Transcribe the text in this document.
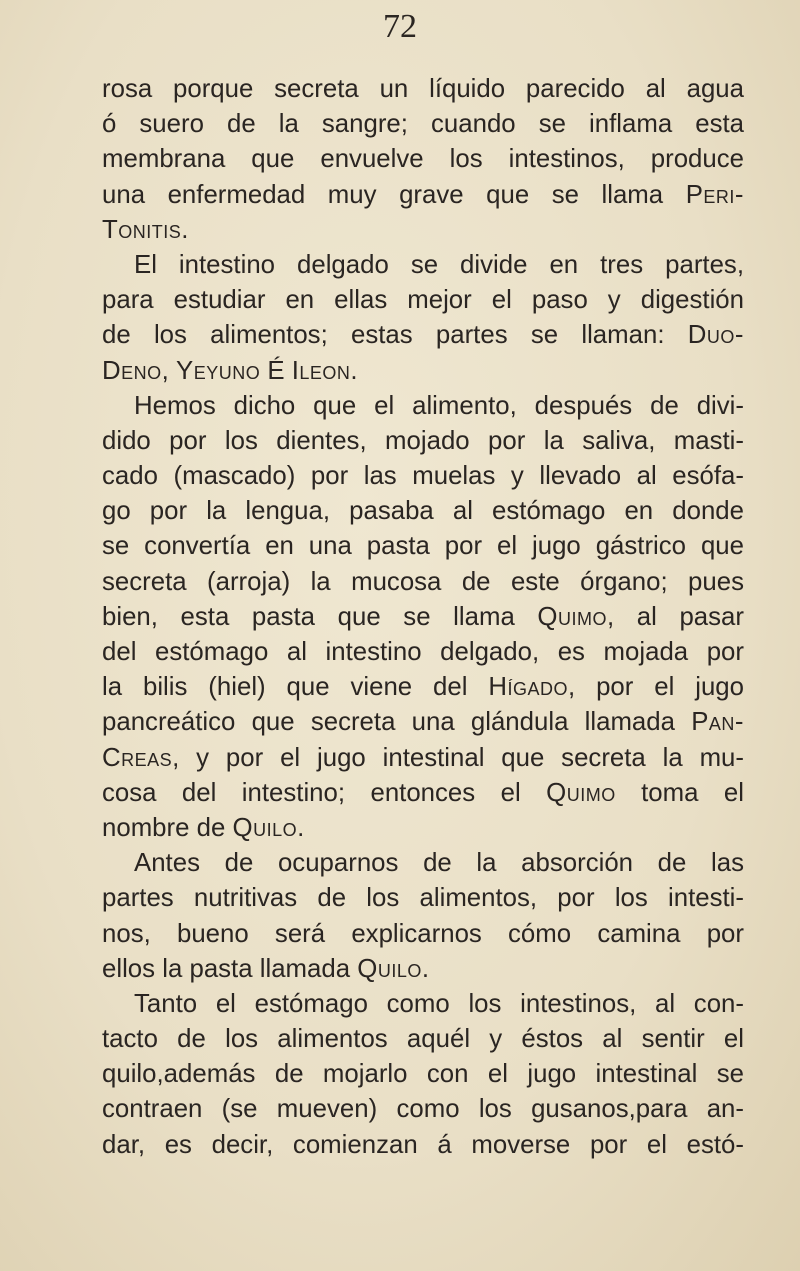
72
rosa porque secreta un líquido parecido al agua
ó suero de la sangre; cuando se inflama esta
membrana que envuelve los intestinos, produce
una enfermedad muy grave que se llama Peri-
Tonitis.
El intestino delgado se divide en tres partes,
para estudiar en ellas mejor el paso y digestión
de los alimentos; estas partes se llaman: Duo-
Deno, Yeyuno É Ileon.
Hemos dicho que el alimento, después de divi-
dido por los dientes, mojado por la saliva, masti-
cado (mascado) por las muelas y llevado al esófa-
go por la lengua, pasaba al estómago en donde
se convertía en una pasta por el jugo gástrico que
secreta (arroja) la mucosa de este órgano; pues
bien, esta pasta que se llama Quimo, al pasar
del estómago al intestino delgado, es mojada por
la bilis (hiel) que viene del Hígado, por el jugo
pancreático que secreta una glándula llamada Pan-
Creas, y por el jugo intestinal que secreta la mu-
cosa del intestino; entonces el Quimo toma el
nombre de Quilo.
Antes de ocuparnos de la absorción de las
partes nutritivas de los alimentos, por los intesti-
nos, bueno será explicarnos cómo camina por
ellos la pasta llamada Quilo.
Tanto el estómago como los intestinos, al con-
tacto de los alimentos aquél y éstos al sentir el
quilo,además de mojarlo con el jugo intestinal se
contraen (se mueven) como los gusanos,para an-
dar, es decir, comienzan á moverse por el estó-
